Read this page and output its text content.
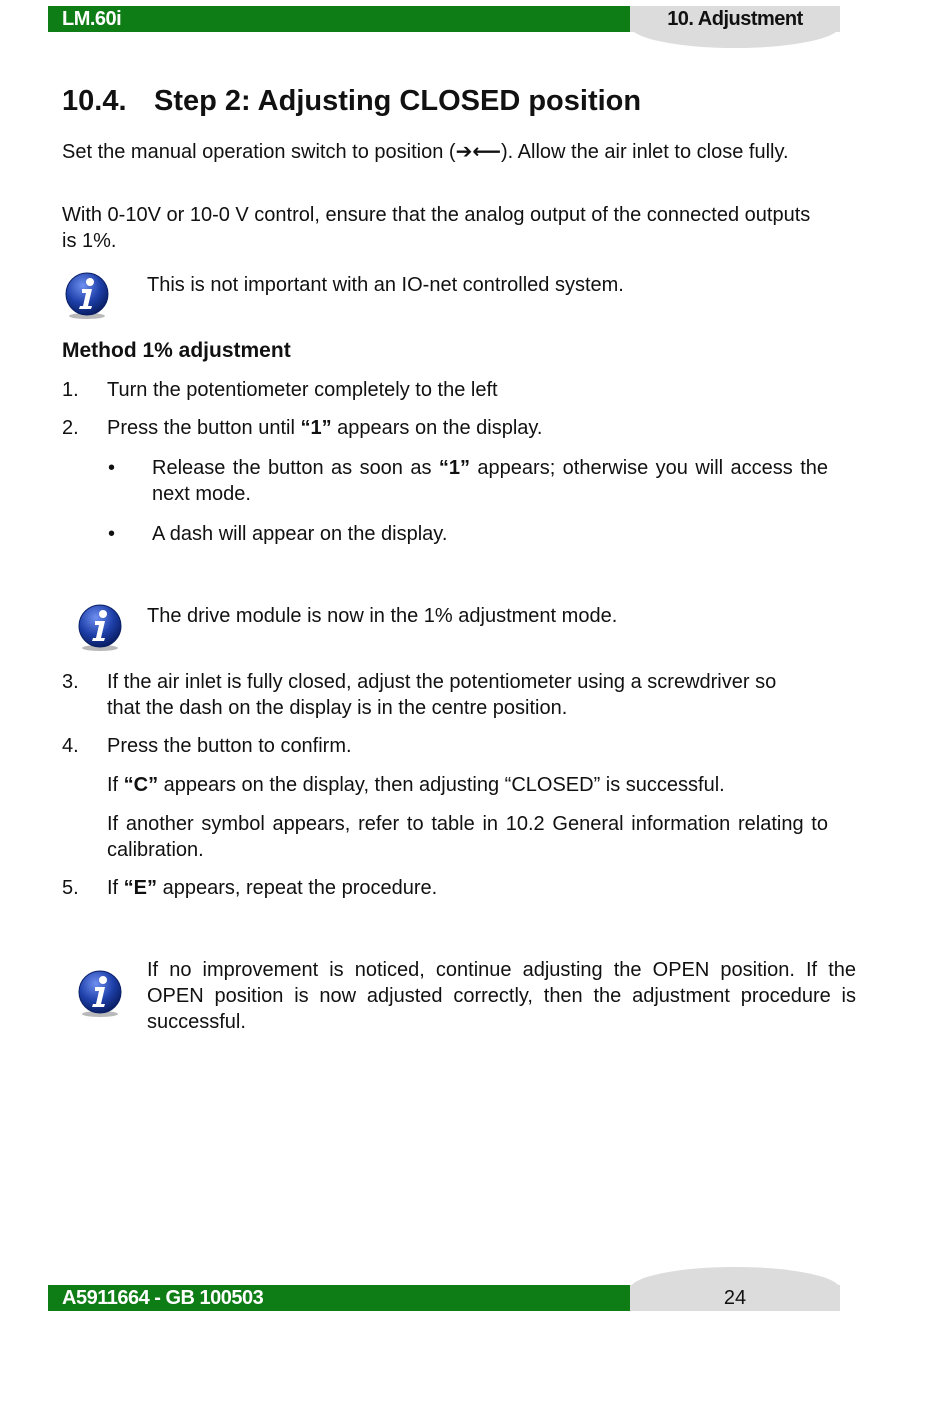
LM.60i	10. Adjustment
10.4. Step 2: Adjusting CLOSED position

Set the manual operation switch to position (➔⟵). Allow the air inlet to close fully.

With 0-10V or 10-0 V control, ensure that the analog output of the connected outputs is 1%.

This is not important with an IO-net controlled system.

Method 1% adjustment
1. Turn the potentiometer completely to the left

2. Press the button until “1” appears on the display.

• Release the button as soon as “1” appears; otherwise you will access the next mode.

• A dash will appear on the display.

The drive module is now in the 1% adjustment mode.

3. If the air inlet is fully closed, adjust the potentiometer using a screwdriver so that the dash on the display is in the centre position.

4. Press the button to confirm.

If “C” appears on the display, then adjusting “CLOSED” is successful.

If another symbol appears, refer to table in 10.2 General information relating to calibration.

5. If “E” appears, repeat the procedure.

If no improvement is noticed, continue adjusting the OPEN position. If the OPEN position is now adjusted correctly, then the adjustment procedure is successful.

A5911664 - GB 100503	24
